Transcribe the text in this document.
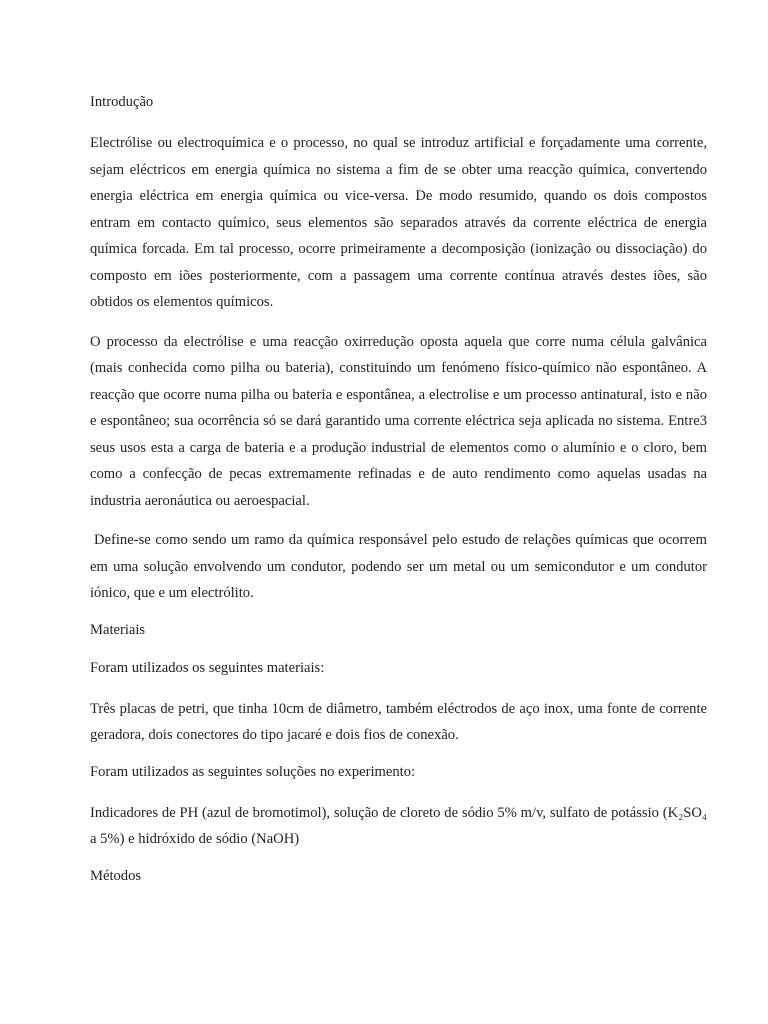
Introdução

Electrólise ou electroquímica e o processo, no qual se introduz artificial e forçadamente uma corrente, sejam eléctricos em energia química no sistema a fim de se obter uma reacção química, convertendo energia eléctrica em energia química ou vice-versa. De modo resumido, quando os dois compostos entram em contacto químico, seus elementos são separados através da corrente eléctrica de energia química forcada. Em tal processo, ocorre primeiramente a decomposição (ionização ou dissociação) do composto em iões posteriormente, com a passagem uma corrente contínua através destes iões, são obtidos os elementos químicos.

O processo da electrólise e uma reacção oxirredução oposta aquela que corre numa célula galvânica (mais conhecida como pilha ou bateria), constituindo um fenómeno físico-químico não espontâneo. A reacção que ocorre numa pilha ou bateria e espontânea, a electrolise e um processo antinatural, isto e não e espontâneo; sua ocorrência só se dará garantido uma corrente eléctrica seja aplicada no sistema. Entre3 seus usos esta a carga de bateria e a produção industrial de elementos como o alumínio e o cloro, bem como a confecção de pecas extremamente refinadas e de auto rendimento como aquelas usadas na industria aeronáutica ou aeroespacial.

Define-se como sendo um ramo da química responsável pelo estudo de relações químicas que ocorrem em uma solução envolvendo um condutor, podendo ser um metal ou um semicondutor e um condutor iónico, que e um electrólito.

Materiais

Foram utilizados os seguintes materiais:

Três placas de petri, que tinha 10cm de diâmetro, também eléctrodos de aço inox, uma fonte de corrente geradora, dois conectores do tipo jacaré e dois fios de conexão.

Foram utilizados as seguintes soluções no experimento:

Indicadores de PH (azul de bromotimol), solução de cloreto de sódio 5% m/v, sulfato de potássio (K₂SO₄ a 5%) e hidróxido de sódio (NaOH)

Métodos
